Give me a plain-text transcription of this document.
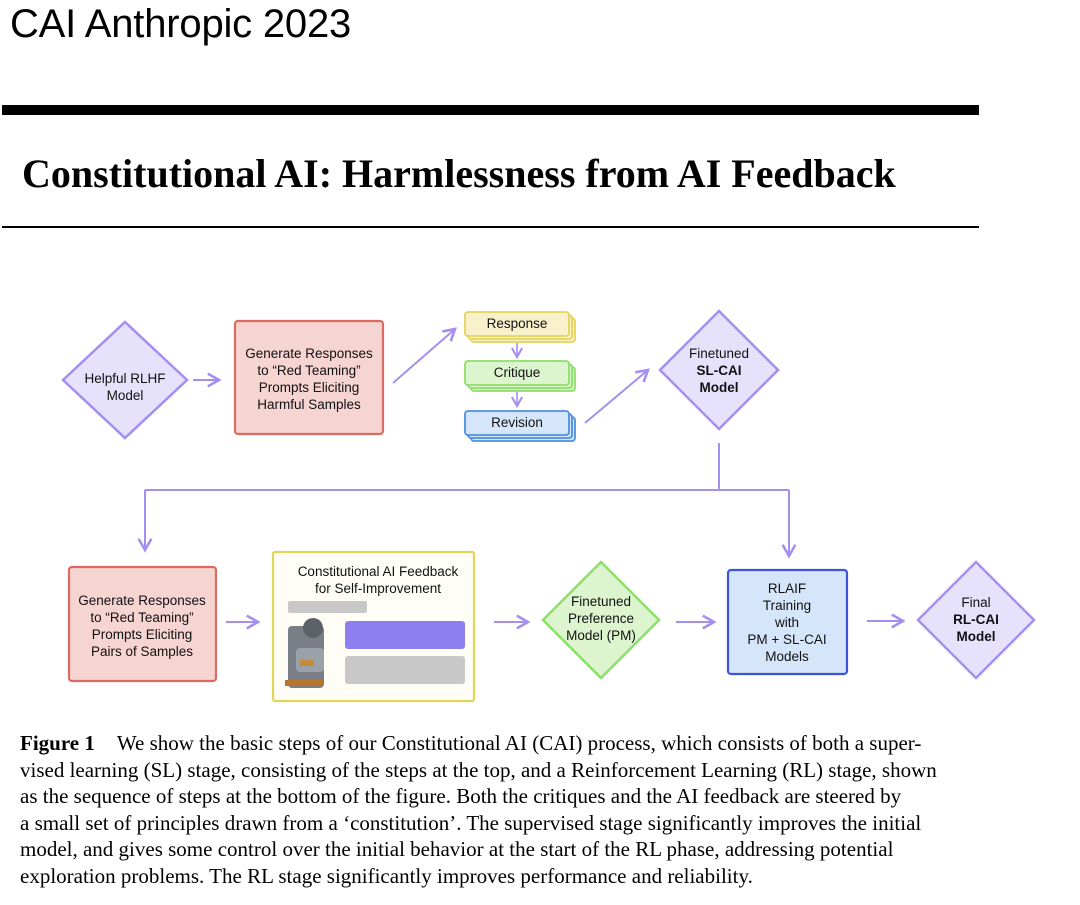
CAI Anthropic 2023
Constitutional AI: Harmlessness from AI Feedback
Helpful RLHF
Model
Generate Responses
to “Red Teaming”
Prompts Eliciting
Harmful Samples
Response
Critique
Revision
Finetuned
SL-CAI
Model
Generate Responses
to “Red Teaming”
Prompts Eliciting
Pairs of Samples
Constitutional AI Feedback
for Self-Improvement
Finetuned
Preference
Model (PM)
RLAIF
Training
with
PM + SL-CAI
Models
Final
RL-CAI
Model
Figure 1 We show the basic steps of our Constitutional AI (CAI) process, which consists of both a super-
vised learning (SL) stage, consisting of the steps at the top, and a Reinforcement Learning (RL) stage, shown
as the sequence of steps at the bottom of the figure. Both the critiques and the AI feedback are steered by
a small set of principles drawn from a ‘constitution’. The supervised stage significantly improves the initial
model, and gives some control over the initial behavior at the start of the RL phase, addressing potential
exploration problems. The RL stage significantly improves performance and reliability.
